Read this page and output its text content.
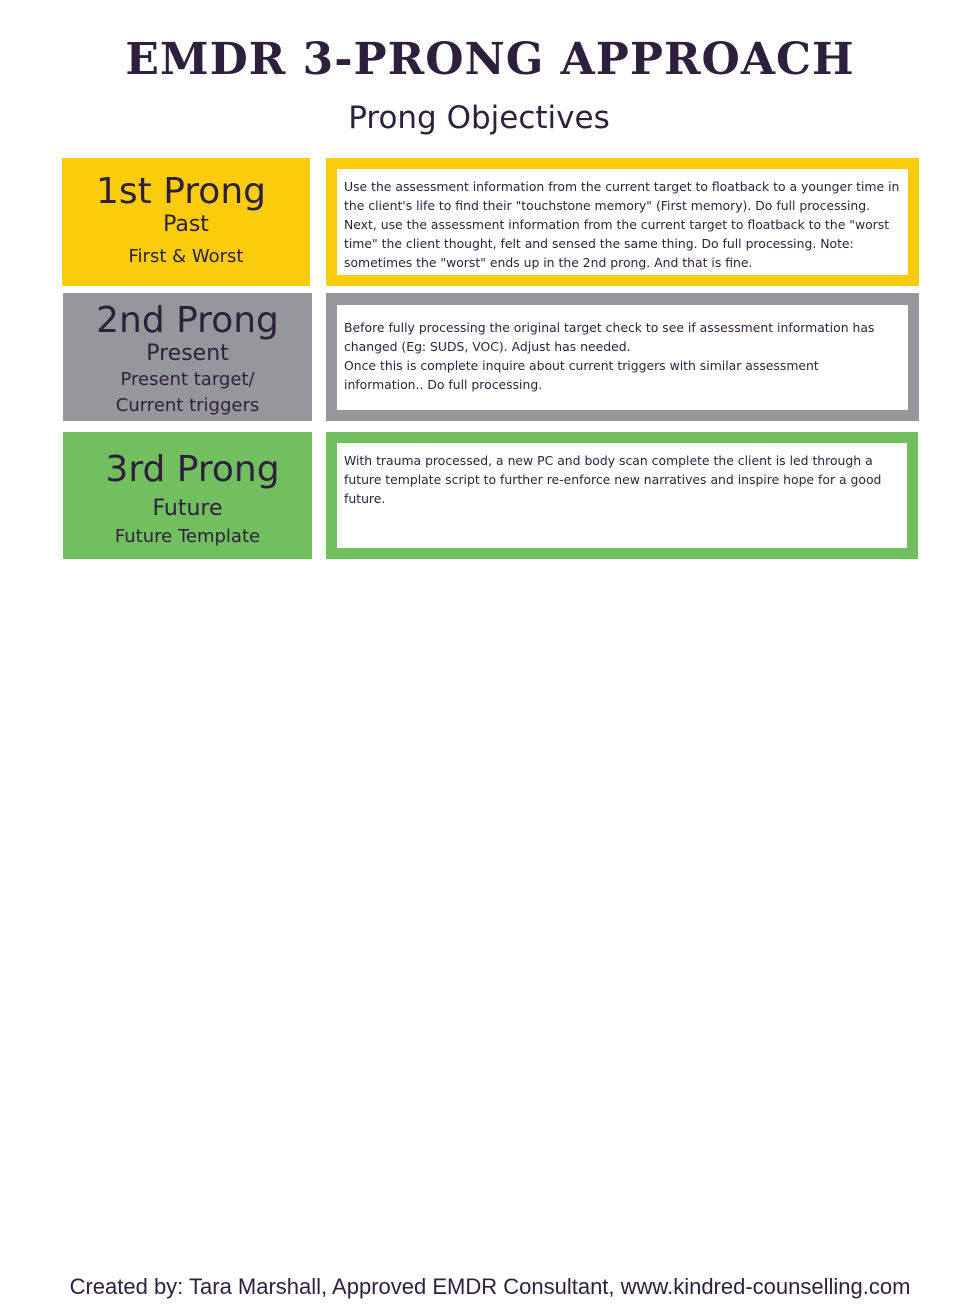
EMDR 3-PRONG APPROACH
Prong Objectives
1st Prong
Past
First & Worst

Use the assessment information from the current target to floatback to a younger time in the client's life to find their "touchstone memory" (First memory). Do full processing.

Next, use the assessment information from the current target to floatback to the "worst time" the client thought, felt and sensed the same thing. Do full processing. Note: sometimes the "worst" ends up in the 2nd prong. And that is fine.

2nd Prong
Present
Present target/ Current triggers

Before fully processing the original target check to see if assessment information has changed (Eg: SUDS, VOC). Adjust has needed.

Once this is complete inquire about current triggers with similar assessment information.. Do full processing.

3rd Prong
Future
Future Template

With trauma processed, a new PC and body scan complete the client is led through a future template script to further re-enforce new narratives and inspire hope for a good future.

Created by: Tara Marshall, Approved EMDR Consultant, www.kindred-counselling.com
